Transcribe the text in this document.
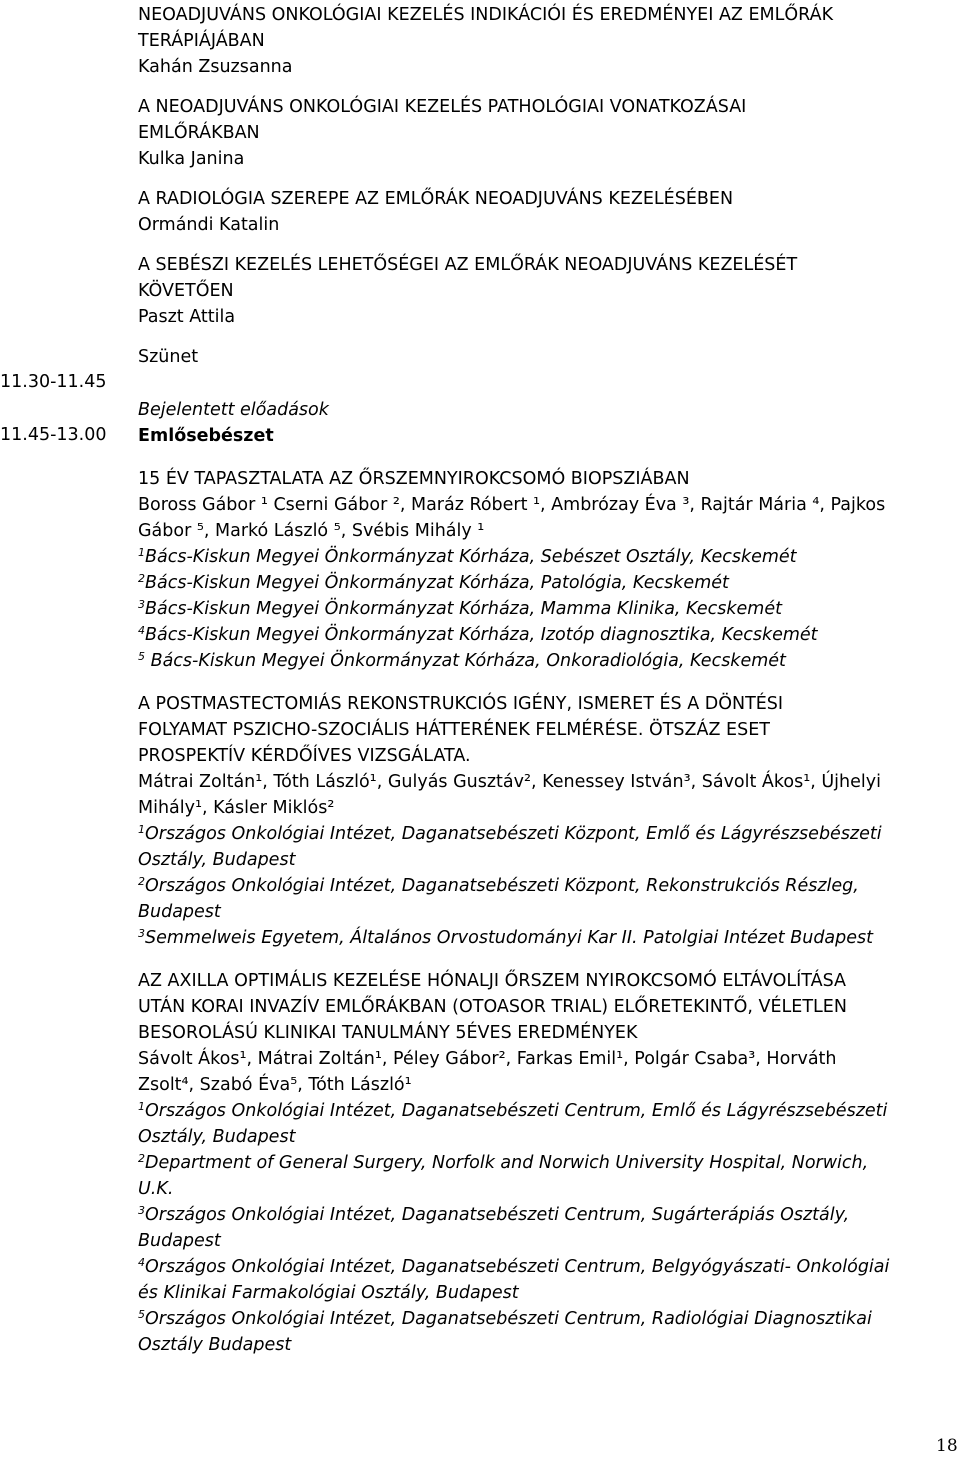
11.30-11.45
11.45-13.00

NEOADJUVÁNS ONKOLÓGIAI KEZELÉS INDIKÁCIÓI ÉS EREDMÉNYEI AZ EMLŐRÁK

TERÁPIÁJÁBAN

Kahán Zsuzsanna

A NEOADJUVÁNS ONKOLÓGIAI KEZELÉS PATHOLÓGIAI VONATKOZÁSAI

EMLŐRÁKBAN

Kulka Janina

A RADIOLÓGIA SZEREPE AZ EMLŐRÁK NEOADJUVÁNS KEZELÉSÉBEN

Ormándi Katalin

A SEBÉSZI KEZELÉS LEHETŐSÉGEI AZ EMLŐRÁK NEOADJUVÁNS KEZELÉSÉT

KÖVETŐEN

Paszt Attila

Szünet

Bejelentett előadások

Emlősebészet

15 ÉV TAPASZTALATA AZ ŐRSZEMNYIROKCSOMÓ BIOPSZIÁBAN

Boross Gábor ¹ Cserni Gábor ², Maráz Róbert ¹, Ambrózay Éva ³, Rajtár Mária ⁴, Pajkos

Gábor ⁵, Markó László ⁵, Svébis Mihály ¹

$^1$Bács-Kiskun Megyei Önkormányzat Kórháza, Sebészet Osztály, Kecskemét

$^2$Bács-Kiskun Megyei Önkormányzat Kórháza, Patológia, Kecskemét

$^3$Bács-Kiskun Megyei Önkormányzat Kórháza, Mamma Klinika, Kecskemét

$^4$Bács-Kiskun Megyei Önkormányzat Kórháza, Izotóp diagnosztika, Kecskemét

$^5$ Bács-Kiskun Megyei Önkormányzat Kórháza, Onkoradiológia, Kecskemét

A POSTMASTECTOMIÁS REKONSTRUKCIÓS IGÉNY, ISMERET ÉS A DÖNTÉSI

FOLYAMAT PSZICHO-SZOCIÁLIS HÁTTERÉNEK FELMÉRÉSE. ÖTSZÁZ ESET

PROSPEKTÍV KÉRDŐÍVES VIZSGÁLATA.

Mátrai Zoltán¹, Tóth László¹, Gulyás Gusztáv², Kenessey István³, Sávolt Ákos¹, Újhelyi

Mihály¹, Kásler Miklós²

$^1$Országos Onkológiai Intézet, Daganatsebészeti Központ, Emlő és Lágyrészsebészeti

Osztály, Budapest

$^2$Országos Onkológiai Intézet, Daganatsebészeti Központ, Rekonstrukciós Részleg,

Budapest

$^3$Semmelweis Egyetem, Általános Orvostudományi Kar II. Patolgiai Intézet Budapest

AZ AXILLA OPTIMÁLIS KEZELÉSE HÓNALJI ŐRSZEM NYIROKCSOMÓ ELTÁVOLÍTÁSA

UTÁN KORAI INVAZÍV EMLŐRÁKBAN (OTOASOR TRIAL) ELŐRETEKINTŐ, VÉLETLEN

BESOROLÁSÚ KLINIKAI TANULMÁNY 5ÉVES EREDMÉNYEK

Sávolt Ákos¹, Mátrai Zoltán¹, Péley Gábor², Farkas Emil¹, Polgár Csaba³, Horváth

Zsolt⁴, Szabó Éva⁵, Tóth László¹

$^1$Országos Onkológiai Intézet, Daganatsebészeti Centrum, Emlő és Lágyrészsebészeti

Osztály, Budapest

$^2$Department of General Surgery, Norfolk and Norwich University Hospital, Norwich,

U.K.

$^3$Országos Onkológiai Intézet, Daganatsebészeti Centrum, Sugárterápiás Osztály,

Budapest

$^4$Országos Onkológiai Intézet, Daganatsebészeti Centrum, Belgyógyászati- Onkológiai

és Klinikai Farmakológiai Osztály, Budapest

$^5$Országos Onkológiai Intézet, Daganatsebészeti Centrum, Radiológiai Diagnosztikai

Osztály Budapest

18
